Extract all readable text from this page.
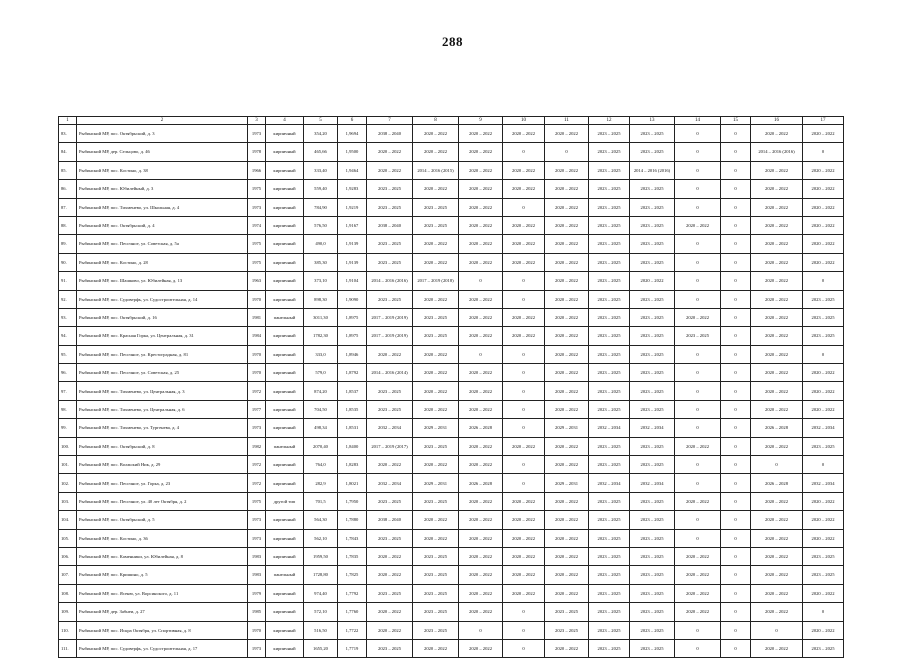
288
1	2	3	4	5	6	7	8	9	10	11	12	13	14	15	16	17
83.	Рыбинский МР, пос. Октябрьский, д. 3	1973	кирпичный	354,20	1,9694	2038 – 2040	2020 – 2022	2020 – 2022	2020 – 2022	2020 – 2022	2023 – 2025	2023 – 2025	0	0	2020 – 2022	2020 – 2022
84.	Рыбинский МР, дер. Сельцово, д. 46	1978	кирпичный	465,66	1,9500	2020 – 2022	2020 – 2022	2020 – 2022	0	0	2023 – 2025	2023 – 2025	0	0	2014 – 2016 (2016)	0
85.	Рыбинский МР, пос. Костино, д. 38	1966	кирпичный	333,40	1,9464	2020 – 2022	2014 – 2016 (2015)	2020 – 2022	2020 – 2022	2020 – 2022	2023 – 2025	2014 – 2016 (2016)	0	0	2020 – 2022	2020 – 2022
86.	Рыбинский МР, пос. Юбилейный, д. 3	1975	кирпичный	559,40	1,9283	2023 – 2025	2020 – 2022	2020 – 2022	2020 – 2022	2020 – 2022	2023 – 2025	2023 – 2025	0	0	2020 – 2022	2020 – 2022
87.	Рыбинский МР, пос. Тихменево, ул. Школьная, д. 4	1973	кирпичный	784,90	1,9219	2023 – 2025	2023 – 2025	2020 – 2022	0	2020 – 2022	2023 – 2025	2023 – 2025	0	0	2020 – 2022	2020 – 2022
88.	Рыбинский МР, пос. Октябрьский, д. 4	1974	кирпичный	576,50	1,9167	2038 – 2040	2023 – 2025	2020 – 2022	2020 – 2022	2020 – 2022	2023 – 2025	2023 – 2025	2020 – 2022	0	2020 – 2022	2020 – 2022
89.	Рыбинский МР, пос. Песочное, ул. Советская, д. 5а	1975	кирпичный	490,0	1,9139	2023 – 2025	2020 – 2022	2020 – 2022	2020 – 2022	2020 – 2022	2023 – 2025	2023 – 2025	0	0	2020 – 2022	2020 – 2022
90.	Рыбинский МР, пос. Костино, д. 28	1975	кирпичный	385,30	1,9139	2023 – 2025	2020 – 2022	2020 – 2022	2020 – 2022	2020 – 2022	2023 – 2025	2023 – 2025	0	0	2020 – 2022	2020 – 2022
91.	Рыбинский МР, пос. Шашково, ул. Юбилейная, д. 13	1963	кирпичный	373,10	1,9104	2014 – 2016 (2016)	2017 – 2019 (2018)	0	0	2020 – 2022	2023 – 2025	2020 – 2022	0	0	2020 – 2022	0
92.	Рыбинский МР, пос. Судоверфь, ул. Судостроительная, д. 14	1970	кирпичный	898,30	1,9090	2023 – 2025	2020 – 2022	2020 – 2022	0	2020 – 2022	2023 – 2025	2023 – 2025	0	0	2020 – 2022	2023 – 2025
93.	Рыбинский МР, пос. Октябрьский, д. 16	1981	панельный	3011,30	1,8975	2017 – 2019 (2019)	2023 – 2025	2020 – 2022	2020 – 2022	2020 – 2022	2023 – 2025	2023 – 2025	2020 – 2022	0	2020 – 2022	2023 – 2025
94.	Рыбинский МР, пос. Красная Горка, ул. Центральная, д. 31	1984	кирпичный	1782,30	1,8975	2017 – 2019 (2019)	2023 – 2025	2020 – 2022	2020 – 2022	2020 – 2022	2023 – 2025	2023 – 2025	2023 – 2025	0	2020 – 2022	2023 – 2025
95.	Рыбинский МР, пос. Песочное, ул. Крестоградная, д. 81	1970	кирпичный	333,0	1,8946	2020 – 2022	2020 – 2022	0	0	2020 – 2022	2023 – 2025	2023 – 2025	0	0	2020 – 2022	0
96.	Рыбинский МР, пос. Песочное, ул. Советская, д. 25	1970	кирпичный	579,0	1,8792	2014 – 2016 (2014)	2020 – 2022	2020 – 2022	0	2020 – 2022	2023 – 2025	2023 – 2025	0	0	2020 – 2022	2020 – 2022
97.	Рыбинский МР, пос. Тихменево, ул. Центральная, д. 3	1972	кирпичный	874,20	1,8537	2023 – 2025	2020 – 2022	2020 – 2022	0	2020 – 2022	2023 – 2025	2023 – 2025	0	0	2020 – 2022	2020 – 2022
98.	Рыбинский МР, пос. Тихменево, ул. Центральная, д. 6	1977	кирпичный	704,50	1,8535	2023 – 2025	2020 – 2022	2020 – 2022	0	2020 – 2022	2023 – 2025	2023 – 2025	0	0	2020 – 2022	2020 – 2022
99.	Рыбинский МР, пос. Тихменево, ул. Тургенева, д. 4	1973	кирпичный	498,34	1,8531	2032 – 2034	2029 – 2031	2026 – 2028	0	2029 – 2031	2032 – 2034	2032 – 2034	0	0	2026 – 2028	2032 – 2034
100.	Рыбинский МР, пос. Октябрьский, д. 8	1982	панельный	2070,40	1,8400	2017 – 2019 (2017)	2023 – 2025	2020 – 2022	2020 – 2022	2020 – 2022	2023 – 2025	2023 – 2025	2020 – 2022	0	2020 – 2022	2023 – 2025
101.	Рыбинский МР, пос. Волжский Ник, д. 29	1972	кирпичный	764,0	1,8283	2020 – 2022	2020 – 2022	2020 – 2022	0	2020 – 2022	2023 – 2025	2023 – 2025	0	0	0	0
102.	Рыбинский МР, пос. Песочное, ул. Горка, д. 23	1972	кирпичный	282,9	1,8021	2032 – 2034	2029 – 2031	2026 – 2028	0	2029 – 2031	2032 – 2034	2032 – 2034	0	0	2026 – 2028	2032 – 2034
103.	Рыбинский МР, пос. Песочное, ул. 40 лет Октября, д. 2	1975	другой тип	701,5	1,7950	2023 – 2025	2023 – 2025	2020 – 2022	2020 – 2022	2020 – 2022	2023 – 2025	2023 – 2025	2020 – 2022	0	2020 – 2022	2020 – 2022
104.	Рыбинский МР, пос. Октябрьский, д. 5	1973	кирпичный	564,30	1,7880	2038 – 2040	2020 – 2022	2020 – 2022	2020 – 2022	2020 – 2022	2023 – 2025	2023 – 2025	0	0	2020 – 2022	2020 – 2022
105.	Рыбинский МР, пос. Костино, д. 36	1973	кирпичный	562,10	1,7843	2023 – 2025	2020 – 2022	2020 – 2022	2020 – 2022	2020 – 2022	2023 – 2025	2023 – 2025	0	0	2020 – 2022	2020 – 2022
106.	Рыбинский МР, пос. Каменники, ул. Юбилейная, д. 8	1983	кирпичный	1959,50	1,7835	2020 – 2022	2023 – 2025	2020 – 2022	2020 – 2022	2020 – 2022	2023 – 2025	2023 – 2025	2020 – 2022	0	2020 – 2022	2023 – 2025
107.	Рыбинский МР, пос. Кришино, д. 5	1983	панельный	1728,80	1,7825	2020 – 2022	2023 – 2025	2020 – 2022	2020 – 2022	2020 – 2022	2023 – 2025	2023 – 2025	2020 – 2022	0	2020 – 2022	2023 – 2025
108.	Рыбинский МР, пос. Ясеню, ул. Ворсинского, д. 11	1979	кирпичный	974,40	1,7792	2023 – 2025	2023 – 2025	2020 – 2022	2020 – 2022	2020 – 2022	2023 – 2025	2023 – 2025	2020 – 2022	0	2020 – 2022	2020 – 2022
109.	Рыбинский МР, дер. Забнеи, д. 27	1985	кирпичный	572,10	1,7760	2020 – 2022	2023 – 2025	2020 – 2022	0	2023 – 2025	2023 – 2025	2023 – 2025	2020 – 2022	0	2020 – 2022	0
110.	Рыбинский МР, пос. Искра Октября, ул. Спортивная, д. 8	1970	кирпичный	516,50	1,7722	2020 – 2022	2023 – 2025	0	0	2023 – 2025	2023 – 2025	2023 – 2025	0	0	0	2020 – 2022
111.	Рыбинский МР, пос. Судоверфь, ул. Судостроительная, д. 17	1973	кирпичный	1655,20	1,7719	2023 – 2025	2020 – 2022	2020 – 2022	0	2020 – 2022	2023 – 2025	2023 – 2025	0	0	2020 – 2022	2023 – 2025
